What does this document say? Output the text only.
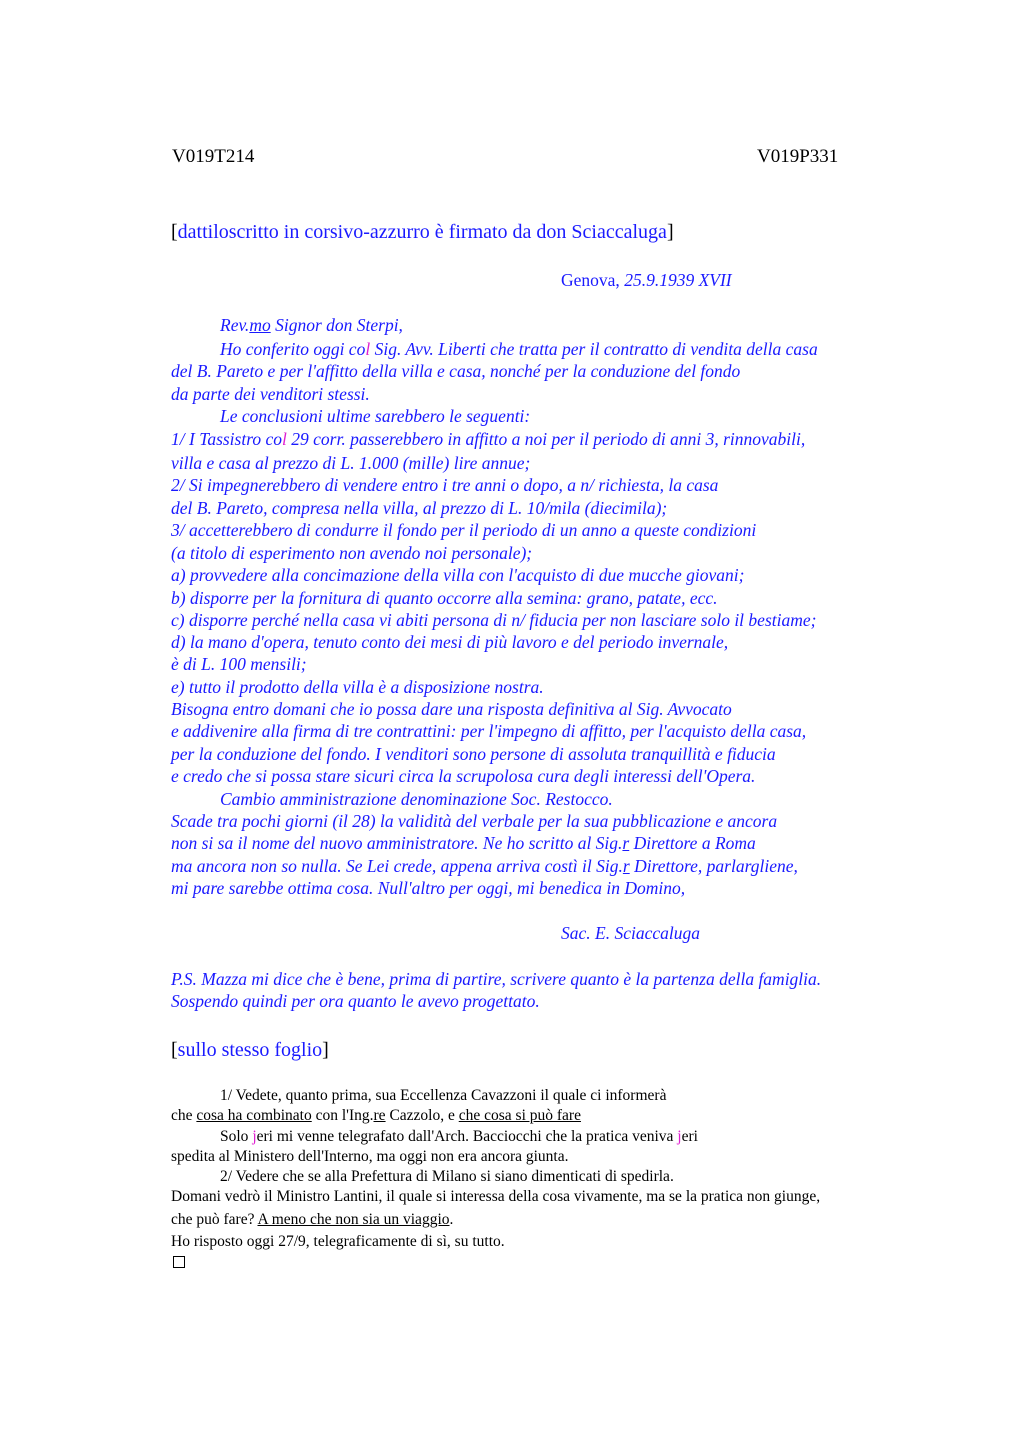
V019T214	V019P331
[dattiloscritto in corsivo-azzurro è firmato da don Sciaccaluga]
Genova, 25.9.1939 XVII
Rev.mo Signor don Sterpi,
Ho conferito oggi col Sig. Avv. Liberti che tratta per il contratto di vendita della casa
del B. Pareto e per l'affitto della villa e casa, nonché per la conduzione del fondo
da parte dei venditori stessi.
Le conclusioni ultime sarebbero le seguenti:
1/ I Tassistro col 29 corr. passerebbero in affitto a noi per il periodo di anni 3, rinnovabili,
villa e casa al prezzo di L. 1.000 (mille) lire annue;
2/ Si impegnerebbero di vendere entro i tre anni o dopo, a n/ richiesta, la casa
del B. Pareto, compresa nella villa, al prezzo di L. 10/mila (diecimila);
3/ accetterebbero di condurre il fondo per il periodo di un anno a queste condizioni
(a titolo di esperimento non avendo noi personale);
a) provvedere alla concimazione della villa con l'acquisto di due mucche giovani;
b) disporre per la fornitura di quanto occorre alla semina: grano, patate, ecc.
c) disporre perché nella casa vi abiti persona di n/ fiducia per non lasciare solo il bestiame;
d) la mano d'opera, tenuto conto dei mesi di più lavoro e del periodo invernale,
è di L. 100 mensili;
e) tutto il prodotto della villa è a disposizione nostra.
Bisogna entro domani che io possa dare una risposta definitiva al Sig. Avvocato
e addivenire alla firma di tre contrattini: per l'impegno di affitto, per l'acquisto della casa,
per la conduzione del fondo. I venditori sono persone di assoluta tranquillità e fiducia
e credo che si possa stare sicuri circa la scrupolosa cura degli interessi dell'Opera.
Cambio amministrazione denominazione Soc. Restocco.
Scade tra pochi giorni (il 28) la validità del verbale per la sua pubblicazione e ancora
non si sa il nome del nuovo amministratore. Ne ho scritto al Sig.r Direttore a Roma
ma ancora non so nulla. Se Lei crede, appena arriva costì il Sig.r Direttore, parlargliene,
mi pare sarebbe ottima cosa. Null'altro per oggi, mi benedica in Domino,
Sac. E. Sciaccaluga
P.S. Mazza mi dice che è bene, prima di partire, scrivere quanto è la partenza della famiglia.
Sospendo quindi per ora quanto le avevo progettato.
[sullo stesso foglio]
1/ Vedete, quanto prima, sua Eccellenza Cavazzoni il quale ci informerà
che cosa ha combinato con l'Ing.re Cazzolo, e che cosa si può fare
Solo jeri mi venne telegrafato dall'Arch. Bacciocchi che la pratica veniva jeri
spedita al Ministero dell'Interno, ma oggi non era ancora giunta.
2/ Vedere che se alla Prefettura di Milano si siano dimenticati di spedirla.
Domani vedrò il Ministro Lantini, il quale si interessa della cosa vivamente, ma se la pratica non giunge,
che può fare? A meno che non sia un viaggio.
Ho risposto oggi 27/9, telegraficamente di sì, su tutto.
